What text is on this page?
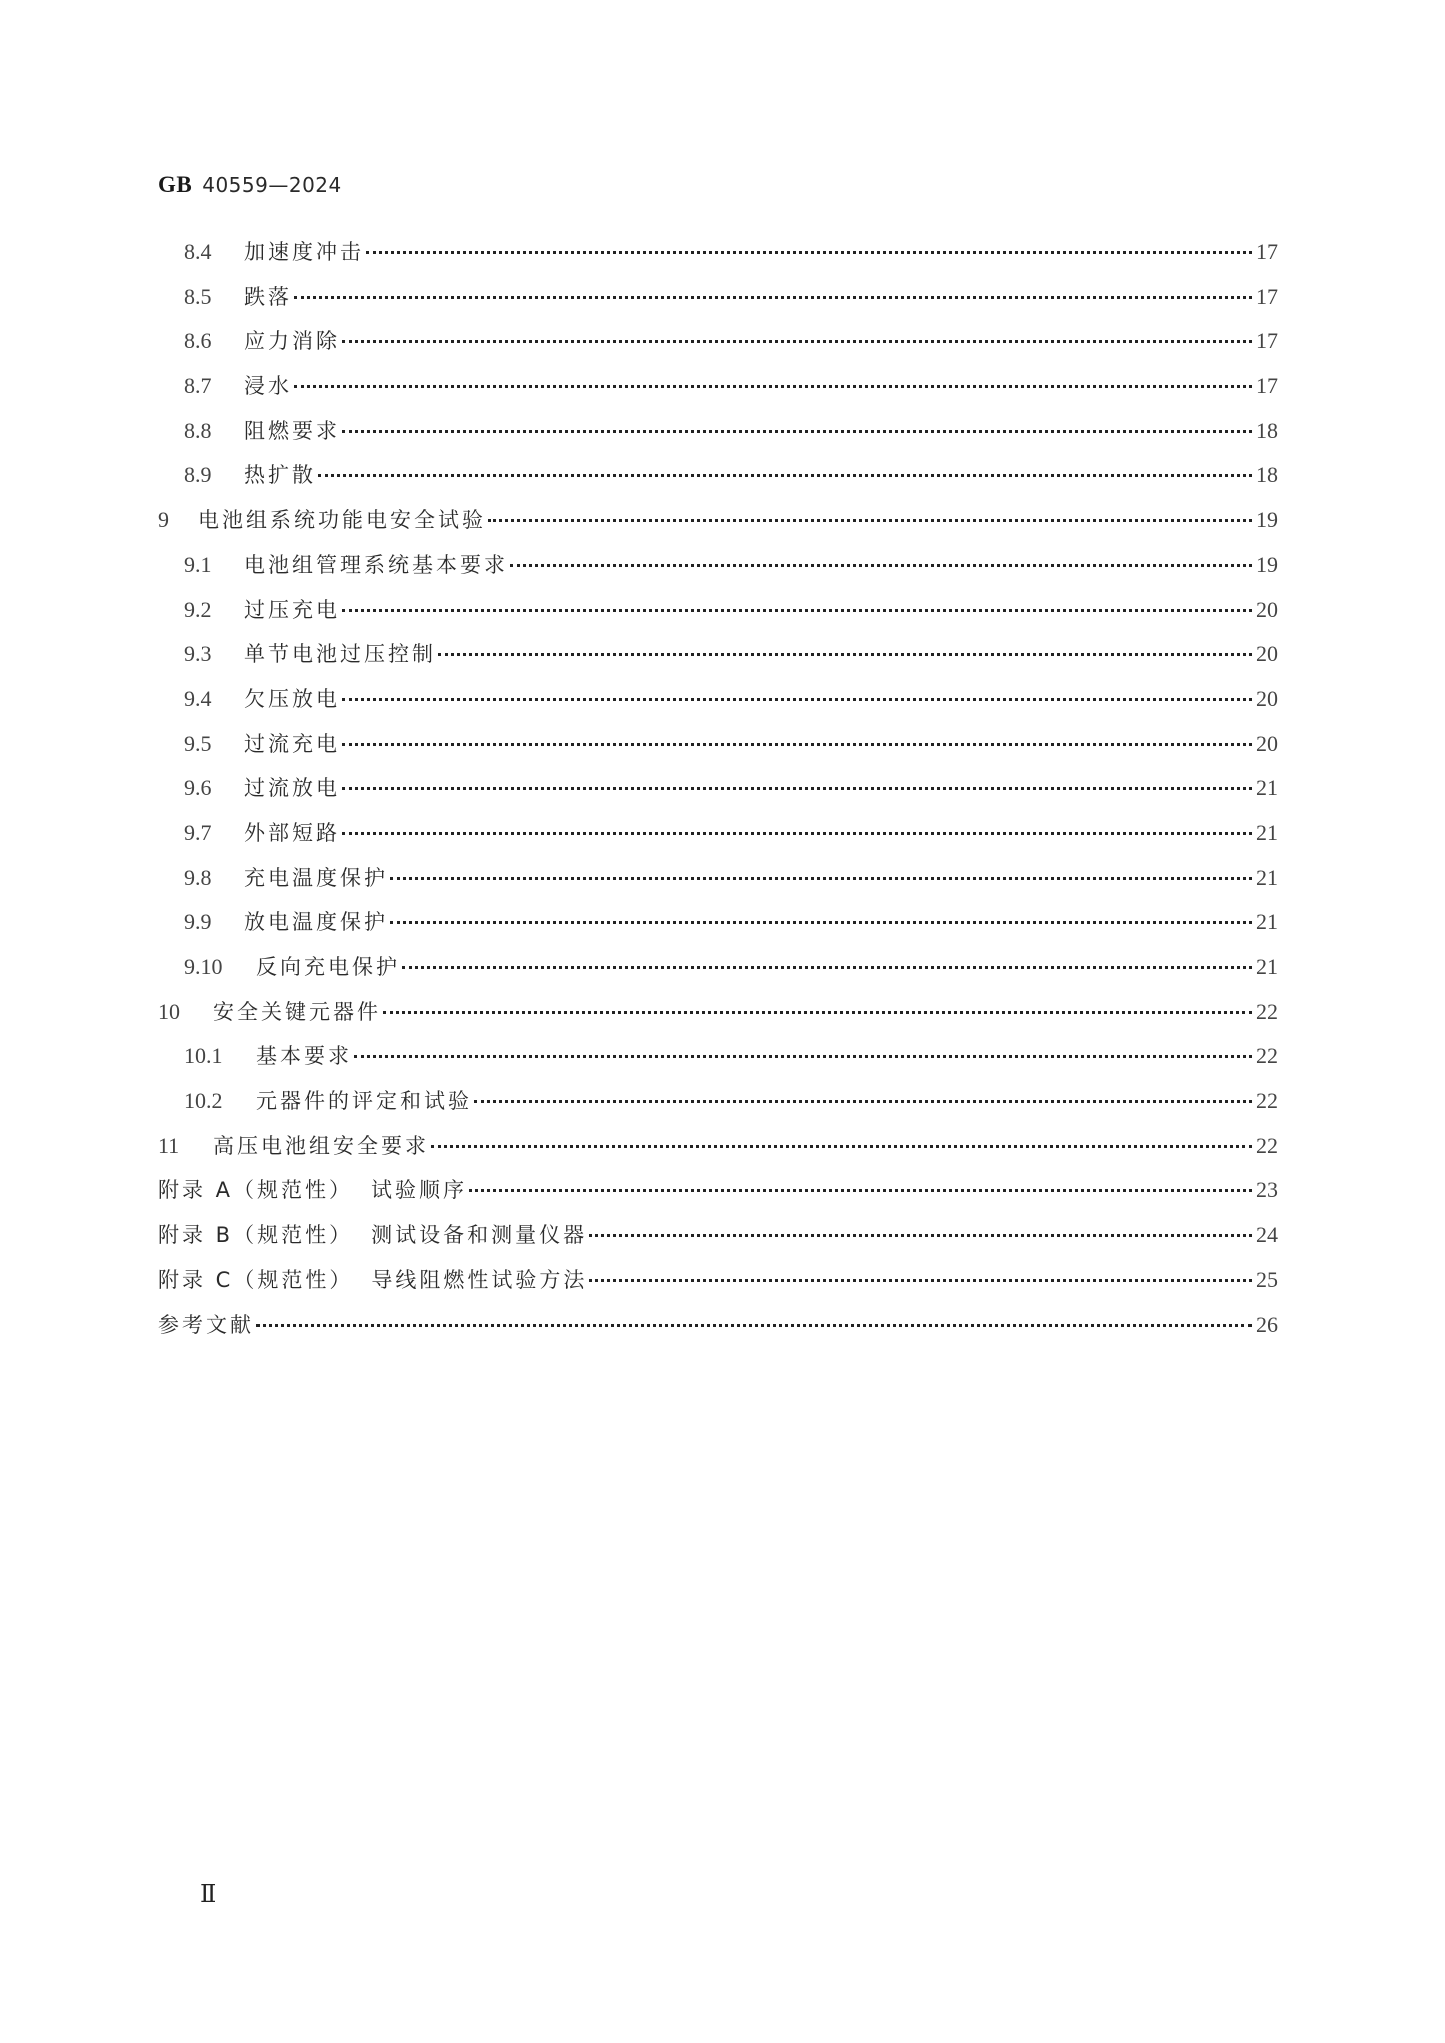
GB 40559—2024
8.4	加速度冲击	17
8.5	跌落	17
8.6	应力消除	17
8.7	浸水	17
8.8	阻燃要求	18
8.9	热扩散	18
9	电池组系统功能电安全试验	19
9.1	电池组管理系统基本要求	19
9.2	过压充电	20
9.3	单节电池过压控制	20
9.4	欠压放电	20
9.5	过流充电	20
9.6	过流放电	21
9.7	外部短路	21
9.8	充电温度保护	21
9.9	放电温度保护	21
9.10	反向充电保护	21
10	安全关键元器件	22
10.1	基本要求	22
10.2	元器件的评定和试验	22
11	高压电池组安全要求	22
附录 A（规范性） 试验顺序	23
附录 B（规范性） 测试设备和测量仪器	24
附录 C（规范性） 导线阻燃性试验方法	25
参考文献	26
Ⅱ
